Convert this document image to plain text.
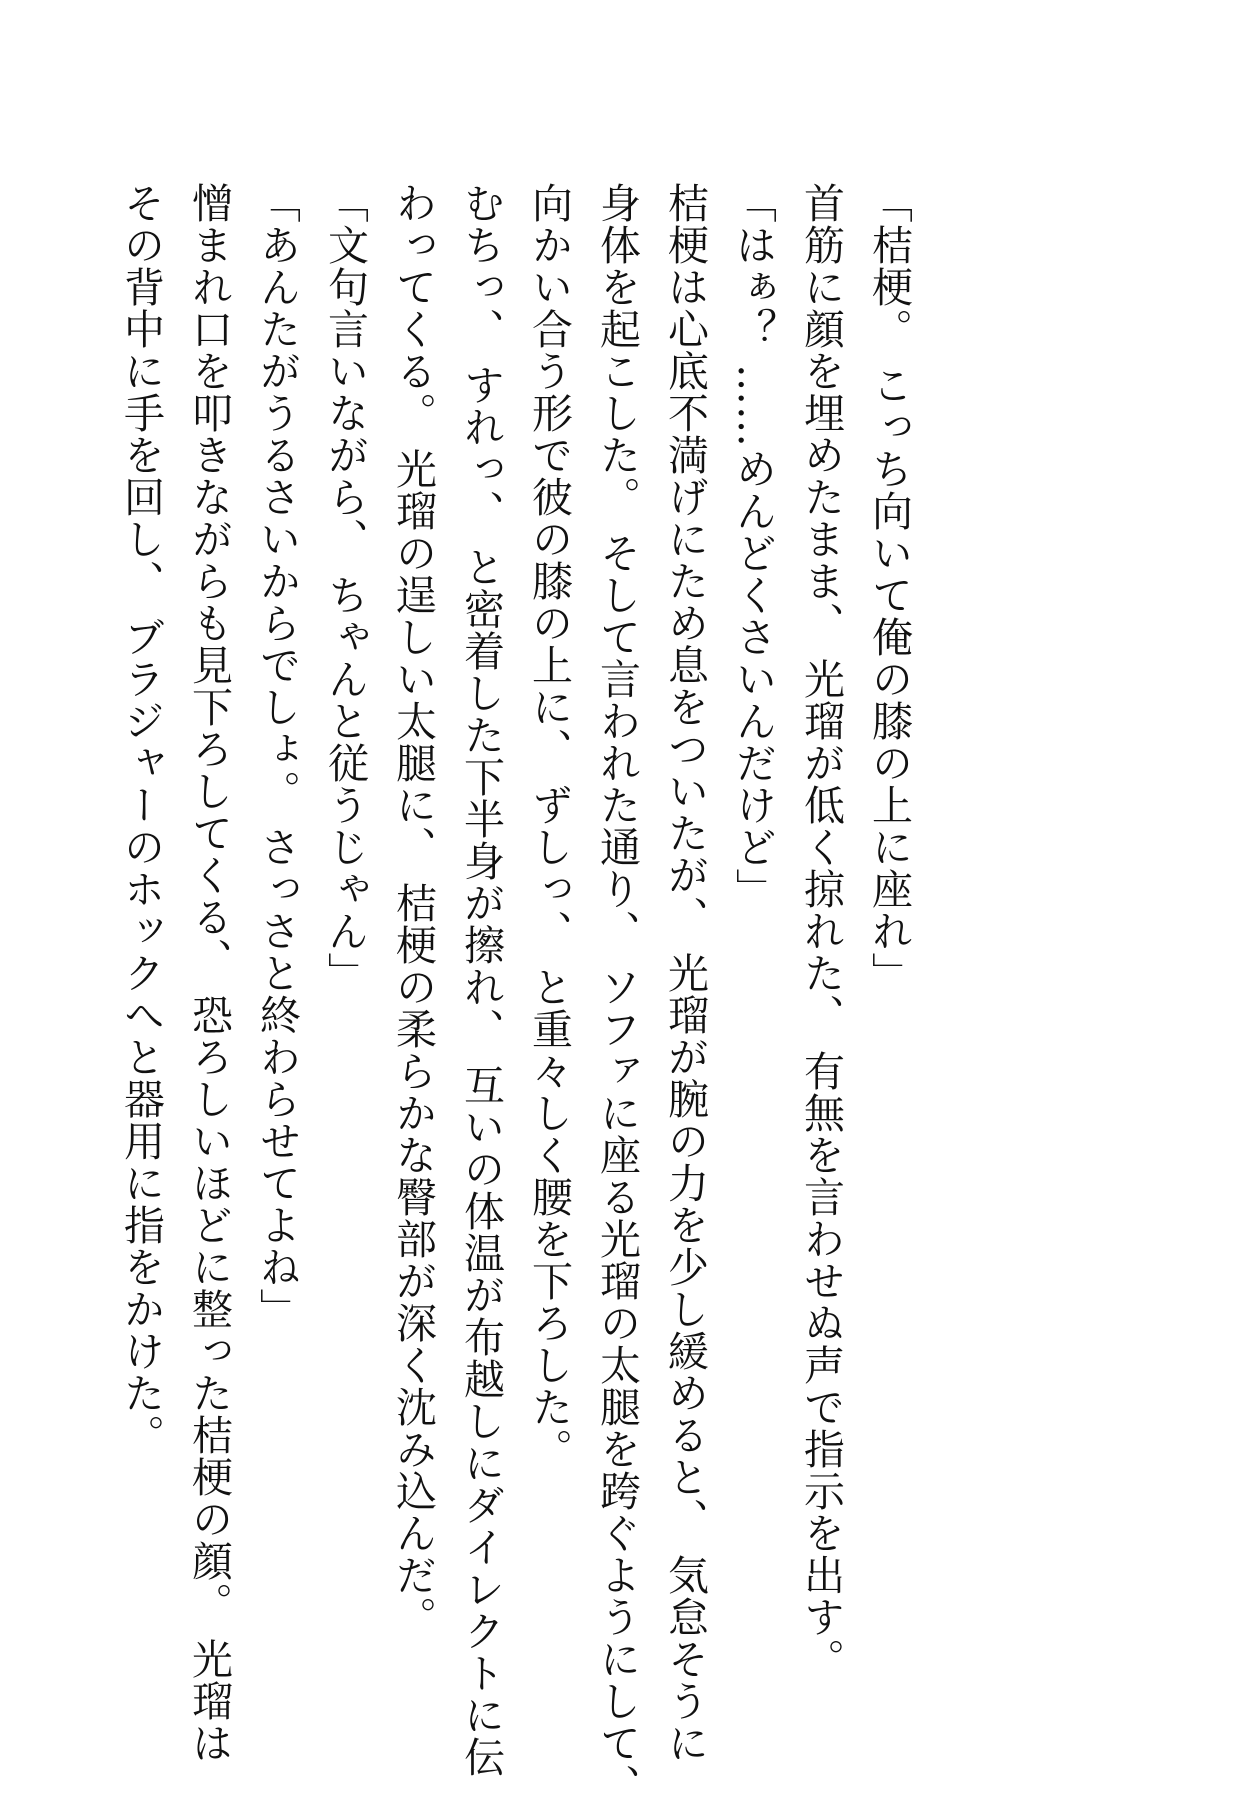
「桔梗。 こっち向いて俺の膝の上に座れ」
首筋に顔を埋めたまま、 光瑠が低く掠れた、 有無を言わせぬ声で指示を出す。
「はぁ？ ……めんどくさいんだけど」
桔梗は心底不満げにため息をついたが、 光瑠が腕の力を少し緩めると、 気怠そうに
身体を起こした。 そして言われた通り、 ソファに座る光瑠の太腿を跨ぐようにして、
向かい合う形で彼の膝の上に、 ずしっ、 と重々しく腰を下ろした。
むちっ、 すれっ、 と密着した下半身が擦れ、 互いの体温が布越しにダイレクトに伝
わってくる。 光瑠の逞しい太腿に、 桔梗の柔らかな臀部が深く沈み込んだ。
「文句言いながら、 ちゃんと従うじゃん」
「あんたがうるさいからでしょ。 さっさと終わらせてよね」
憎まれ口を叩きながらも見下ろしてくる、 恐ろしいほどに整った桔梗の顔。 光瑠は
その背中に手を回し、 ブラジャーのホックへと器用に指をかけた。
